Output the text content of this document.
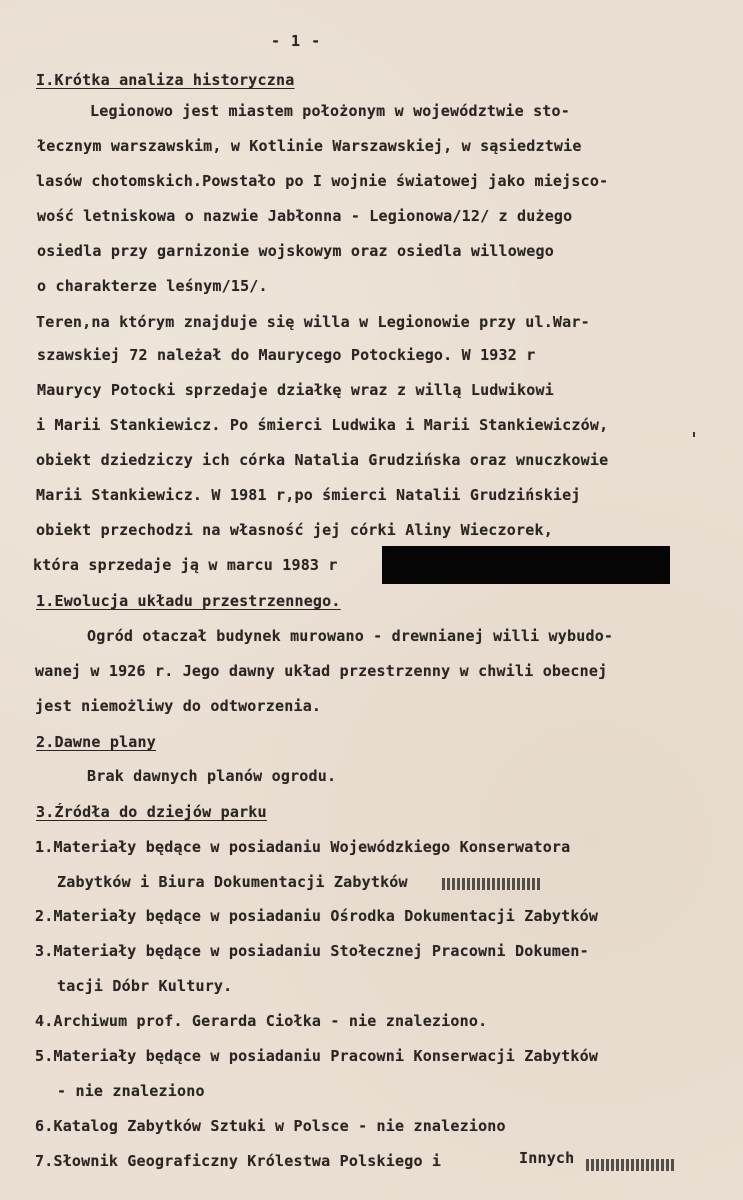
- 1 -
I.Krótka analiza historyczna
Legionowo jest miastem położonym w województwie sto-
łecznym warszawskim, w Kotlinie Warszawskiej, w sąsiedztwie
lasów chotomskich.Powstało po I wojnie światowej jako miejsco-
wość letniskowa o nazwie Jabłonna - Legionowa/12/ z dużego
osiedla przy garnizonie wojskowym oraz osiedla willowego
o charakterze leśnym/15/.
Teren,na którym znajduje się willa w Legionowie przy ul.War-
szawskiej 72 należał do Maurycego Potockiego. W 1932 r
Maurycy Potocki sprzedaje działkę wraz z willą Ludwikowi
i Marii Stankiewicz. Po śmierci Ludwika i Marii Stankiewiczów,
obiekt dziedziczy ich córka Natalia Grudzińska oraz wnuczkowie
Marii Stankiewicz. W 1981 r,po śmierci Natalii Grudzińskiej
obiekt przechodzi na własność jej córki Aliny Wieczorek,
która sprzedaje ją w marcu 1983 r
1.Ewolucja układu przestrzennego.
Ogród otaczał budynek murowano - drewnianej willi wybudo-
wanej w 1926 r. Jego dawny układ przestrzenny w chwili obecnej
jest niemożliwy do odtworzenia.
2.Dawne plany
Brak dawnych planów ogrodu.
3.Źródła do dziejów parku
1.Materiały będące w posiadaniu Wojewódzkiego Konserwatora
Zabytków i Biura Dokumentacji Zabytków
2.Materiały będące w posiadaniu Ośrodka Dokumentacji Zabytków
3.Materiały będące w posiadaniu Stołecznej Pracowni Dokumen-
tacji Dóbr Kultury.
4.Archiwum prof. Gerarda Ciołka - nie znaleziono.
5.Materiały będące w posiadaniu Pracowni Konserwacji Zabytków
- nie znaleziono
6.Katalog Zabytków Sztuki w Polsce - nie znaleziono
7.Słownik Geograficzny Królestwa Polskiego i	Innych
